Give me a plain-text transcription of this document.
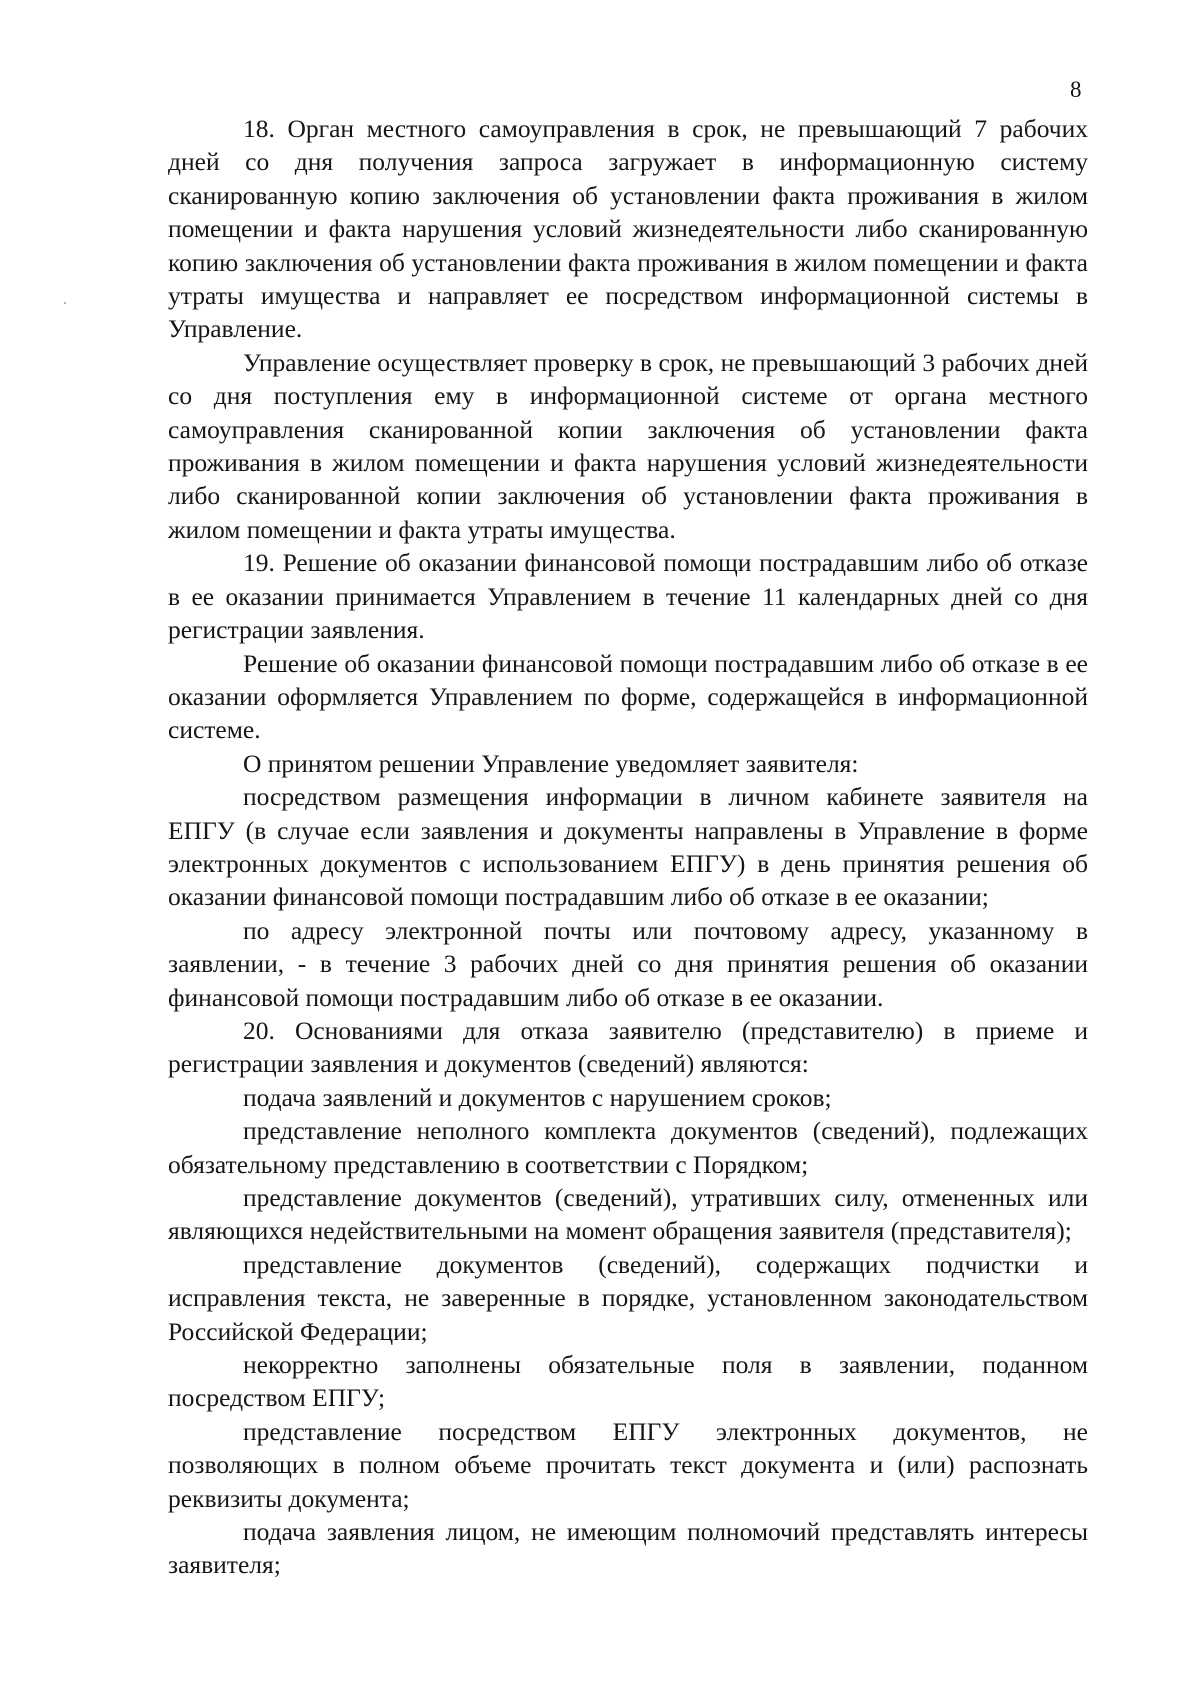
8

18. Орган местного самоуправления в срок, не превышающий 7 рабочих дней со дня получения запроса загружает в информационную систему сканированную копию заключения об установлении факта проживания в жилом помещении и факта нарушения условий жизнедеятельности либо сканированную копию заключения об установлении факта проживания в жилом помещении и факта утраты имущества и направляет ее посредством информационной системы в Управление.

Управление осуществляет проверку в срок, не превышающий 3 рабочих дней со дня поступления ему в информационной системе от органа местного самоуправления сканированной копии заключения об установлении факта проживания в жилом помещении и факта нарушения условий жизнедеятельности либо сканированной копии заключения об установлении факта проживания в жилом помещении и факта утраты имущества.

19. Решение об оказании финансовой помощи пострадавшим либо об отказе в ее оказании принимается Управлением в течение 11 календарных дней со дня регистрации заявления.

Решение об оказании финансовой помощи пострадавшим либо об отказе в ее оказании оформляется Управлением по форме, содержащейся в информационной системе.

О принятом решении Управление уведомляет заявителя:

посредством размещения информации в личном кабинете заявителя на ЕПГУ (в случае если заявления и документы направлены в Управление в форме электронных документов с использованием ЕПГУ) в день принятия решения об оказании финансовой помощи пострадавшим либо об отказе в ее оказании;

по адресу электронной почты или почтовому адресу, указанному в заявлении, - в течение 3 рабочих дней со дня принятия решения об оказании финансовой помощи пострадавшим либо об отказе в ее оказании.

20. Основаниями для отказа заявителю (представителю) в приеме и регистрации заявления и документов (сведений) являются:

подача заявлений и документов с нарушением сроков;

представление неполного комплекта документов (сведений), подлежащих обязательному представлению в соответствии с Порядком;

представление документов (сведений), утративших силу, отмененных или являющихся недействительными на момент обращения заявителя (представителя);

представление документов (сведений), содержащих подчистки и исправления текста, не заверенные в порядке, установленном законодательством Российской Федерации;

некорректно заполнены обязательные поля в заявлении, поданном посредством ЕПГУ;

представление посредством ЕПГУ электронных документов, не позволяющих в полном объеме прочитать текст документа и (или) распознать реквизиты документа;

подача заявления лицом, не имеющим полномочий представлять интересы заявителя;
